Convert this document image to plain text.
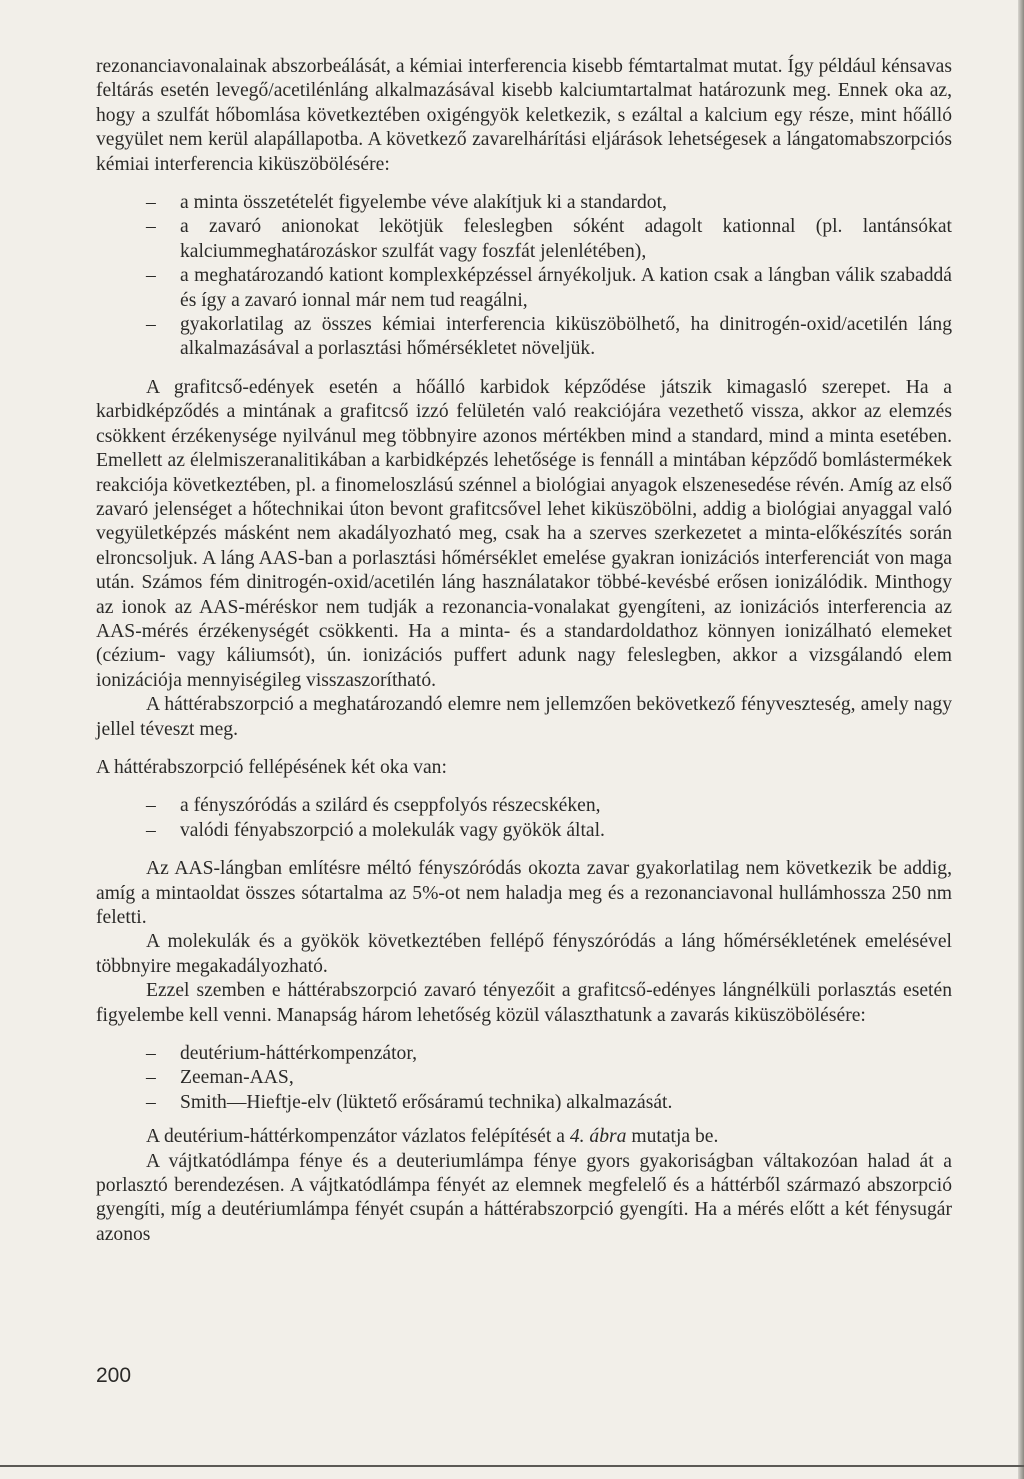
rezonanciavonalainak abszorbeálását, a kémiai interferencia kisebb fémtartalmat mutat. Így például kénsavas feltárás esetén levegő/acetilénláng alkalmazásával kisebb kalciumtartalmat határozunk meg. Ennek oka az, hogy a szulfát hőbomlása következtében oxigéngyök keletkezik, s ezáltal a kalcium egy része, mint hőálló vegyület nem kerül alapállapotba. A következő zavarelhárítási eljárások lehetségesek a lángatomabszorpciós kémiai interferencia kiküszöbölésére:

– a minta összetételét figyelembe véve alakítjuk ki a standardot,
– a zavaró anionokat lekötjük feleslegben sóként adagolt kationnal (pl. lantánsókat kalciummeghatározáskor szulfát vagy foszfát jelenlétében),
– a meghatározandó kationt komplexképzéssel árnyékoljuk. A kation csak a lángban válik szabaddá és így a zavaró ionnal már nem tud reagálni,
– gyakorlatilag az összes kémiai interferencia kiküszöbölhető, ha dinitrogén-oxid/acetilén láng alkalmazásával a porlasztási hőmérsékletet növeljük.

A grafitcső-edények esetén a hőálló karbidok képződése játszik kimagasló szerepet. Ha a karbidképződés a mintának a grafitcső izzó felületén való reakciójára vezethető vissza, akkor az elemzés csökkent érzékenysége nyilvánul meg többnyire azonos mértékben mind a standard, mind a minta esetében. Emellett az élelmiszeranalitikában a karbidképzés lehetősége is fennáll a mintában képződő bomlástermékek reakciója következtében, pl. a finomeloszlású szénnel a biológiai anyagok elszenesedése révén. Amíg az első zavaró jelenséget a hőtechnikai úton bevont grafitcsővel lehet kiküszöbölni, addig a biológiai anyaggal való vegyületképzés másként nem akadályozható meg, csak ha a szerves szerkezetet a minta-előkészítés során elroncsoljuk. A láng AAS-ban a porlasztási hőmérséklet emelése gyakran ionizációs interferenciát von maga után. Számos fém dinitrogén-oxid/acetilén láng használatakor többé-kevésbé erősen ionizálódik. Minthogy az ionok az AAS-méréskor nem tudják a rezonancia-vonalakat gyengíteni, az ionizációs interferencia az AAS-mérés érzékenységét csökkenti. Ha a minta- és a standardoldathoz könnyen ionizálható elemeket (cézium- vagy káliumsót), ún. ionizációs puffert adunk nagy feleslegben, akkor a vizsgálandó elem ionizációja mennyiségileg visszaszorítható.

A háttérabszorpció a meghatározandó elemre nem jellemzően bekövetkező fényveszteség, amely nagy jellel téveszt meg.

A háttérabszorpció fellépésének két oka van:

– a fényszóródás a szilárd és cseppfolyós részecskéken,
– valódi fényabszorpció a molekulák vagy gyökök által.

Az AAS-lángban említésre méltó fényszóródás okozta zavar gyakorlatilag nem következik be addig, amíg a mintaoldat összes sótartalma az 5%-ot nem haladja meg és a rezonanciavonal hullámhossza 250 nm feletti.

A molekulák és a gyökök következtében fellépő fényszóródás a láng hőmérsékletének emelésével többnyire megakadályozható.

Ezzel szemben e háttérabszorpció zavaró tényezőit a grafitcső-edényes lángnélküli porlasztás esetén figyelembe kell venni. Manapság három lehetőség közül választhatunk a zavarás kiküszöbölésére:

– deutérium-háttérkompenzátor,
– Zeeman-AAS,
– Smith—Hieftje-elv (lüktető erősáramú technika) alkalmazását.

A deutérium-háttérkompenzátor vázlatos felépítését a 4. ábra mutatja be.

A vájtkatódlámpa fénye és a deuteriumlámpa fénye gyors gyakoriságban váltakozóan halad át a porlasztó berendezésen. A vájtkatódlámpa fényét az elemnek megfelelő és a háttérből származó abszorpció gyengíti, míg a deutériumlámpa fényét csupán a háttérabszorpció gyengíti. Ha a mérés előtt a két fénysugár azonos

200
